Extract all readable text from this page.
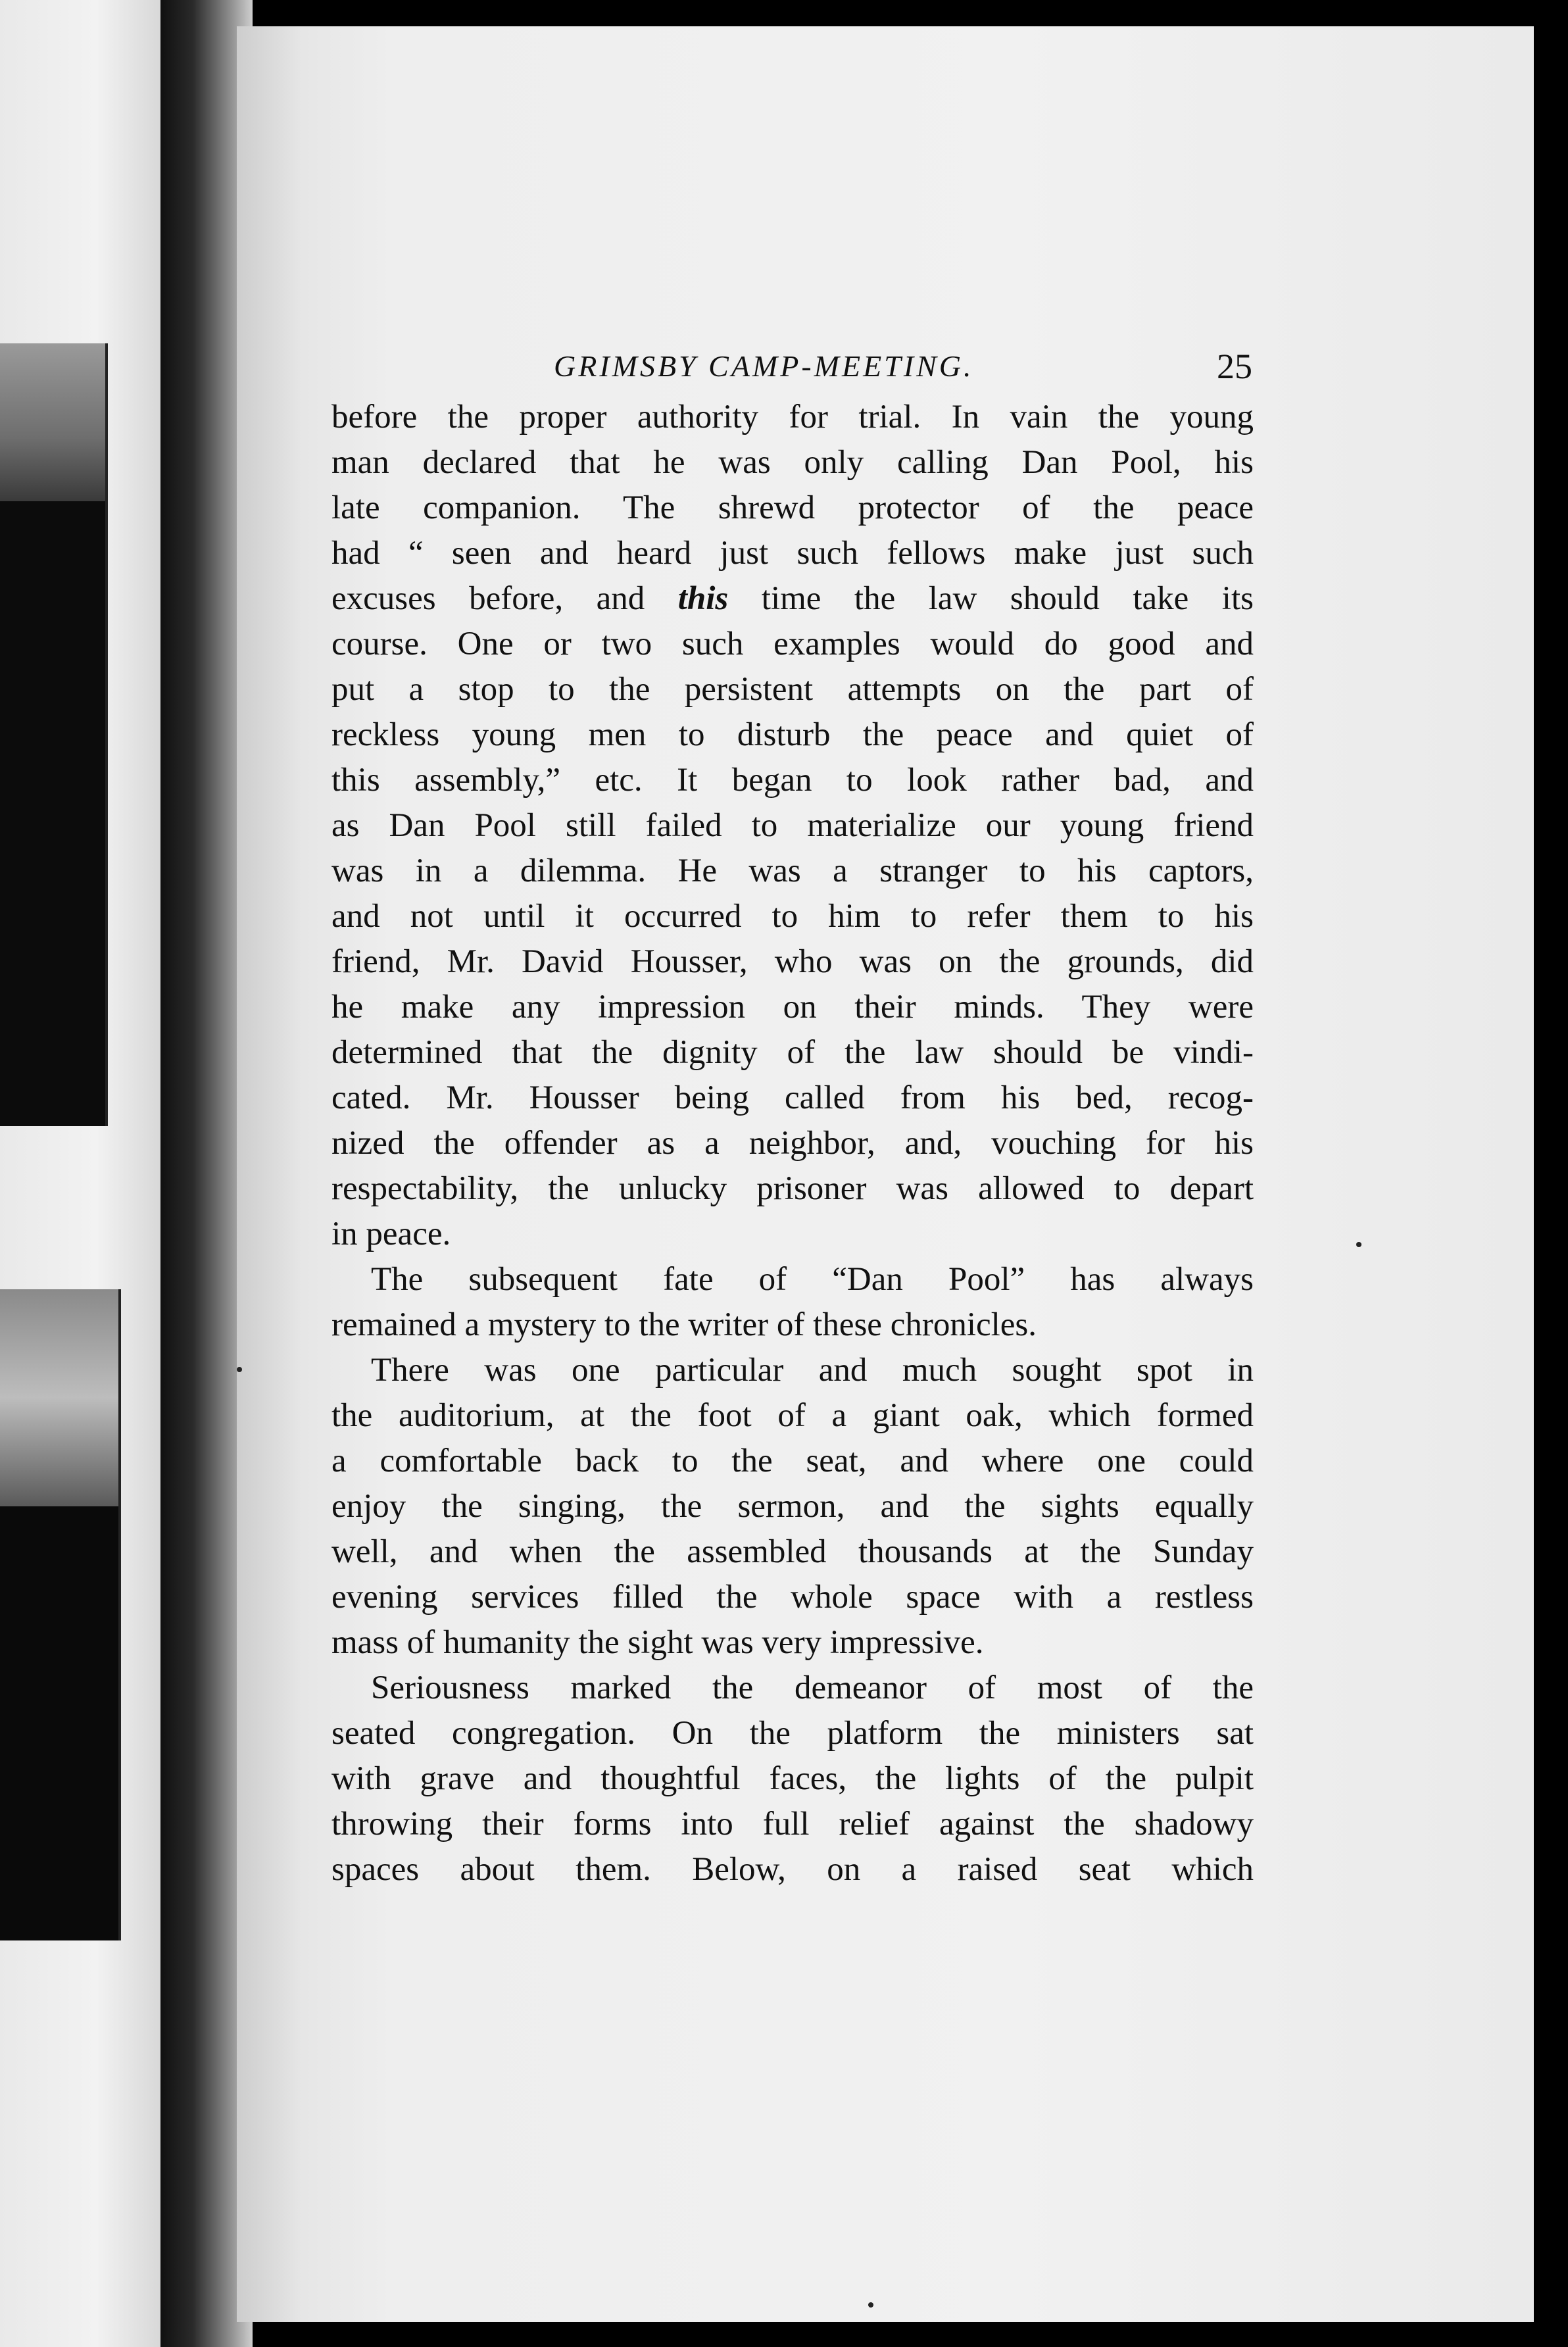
GRIMSBY CAMP-MEETING.	25
before the proper authority for trial. In vain the young
man declared that he was only calling Dan Pool, his
late companion. The shrewd protector of the peace
had “ seen and heard just such fellows make just such
excuses before, and this time the law should take its
course. One or two such examples would do good and
put a stop to the persistent attempts on the part of
reckless young men to disturb the peace and quiet of
this assembly,” etc. It began to look rather bad, and
as Dan Pool still failed to materialize our young friend
was in a dilemma. He was a stranger to his captors,
and not until it occurred to him to refer them to his
friend, Mr. David Housser, who was on the grounds, did
he make any impression on their minds. They were
determined that the dignity of the law should be vindi-
cated. Mr. Housser being called from his bed, recog-
nized the offender as a neighbor, and, vouching for his
respectability, the unlucky prisoner was allowed to depart
in peace.
The subsequent fate of “Dan Pool” has always
remained a mystery to the writer of these chronicles.
There was one particular and much sought spot in
the auditorium, at the foot of a giant oak, which formed
a comfortable back to the seat, and where one could
enjoy the singing, the sermon, and the sights equally
well, and when the assembled thousands at the Sunday
evening services filled the whole space with a restless
mass of humanity the sight was very impressive.
Seriousness marked the demeanor of most of the
seated congregation. On the platform the ministers sat
with grave and thoughtful faces, the lights of the pulpit
throwing their forms into full relief against the shadowy
spaces about them. Below, on a raised seat which
